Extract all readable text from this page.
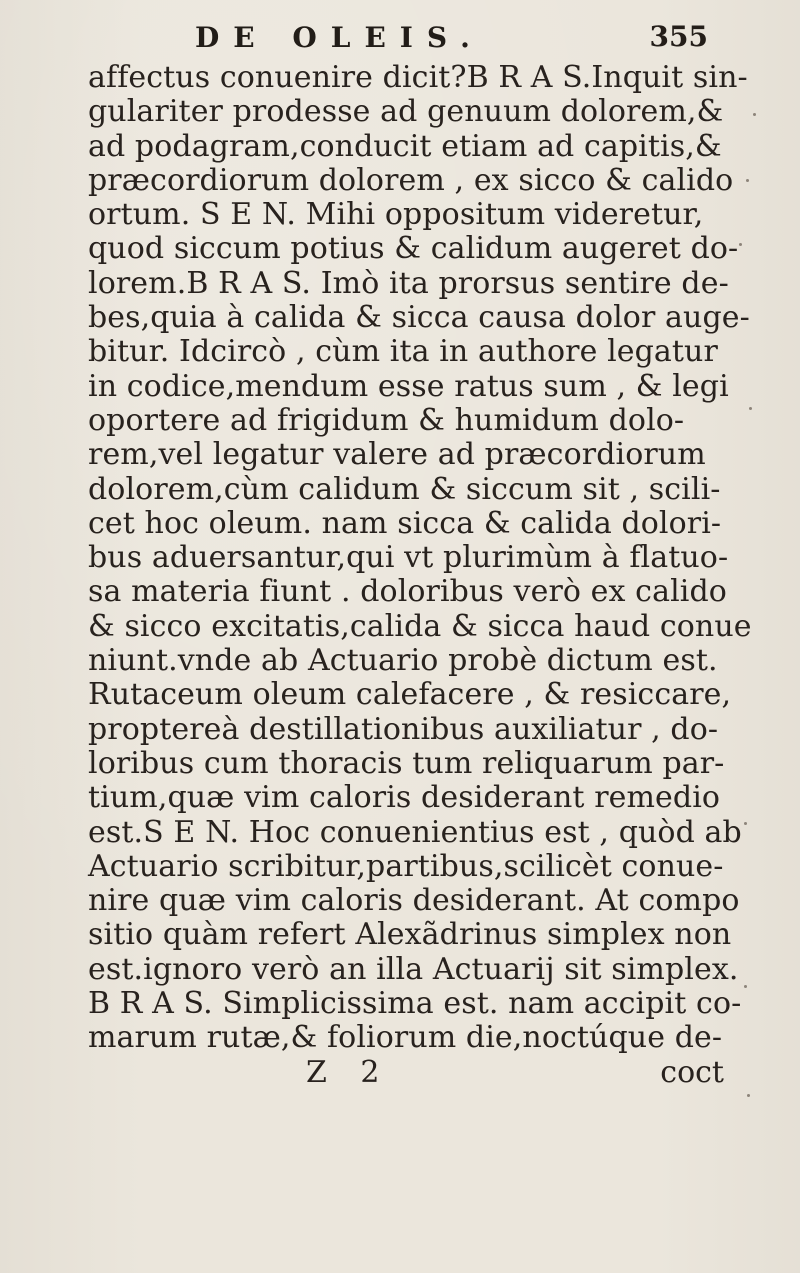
DE OLEIS.	355
affectus conuenire dicit?B R A S.Inquit sin-
gulariter prodesse ad genuum dolorem,&
ad podagram,conducit etiam ad capitis,&
præcordiorum dolorem , ex sicco & calido
ortum. S E N. Mihi oppositum videretur,
quod siccum potius & calidum augeret do-
lorem.B R A S. Imò ita prorsus sentire de-
bes,quia à calida & sicca causa dolor auge-
bitur. Idcircò , cùm ita in authore legatur
in codice,mendum esse ratus sum , & legi
oportere ad frigidum & humidum dolo-
rem,vel legatur valere ad præcordiorum
dolorem,cùm calidum & siccum sit , scili-
cet hoc oleum. nam sicca & calida dolori-
bus aduersantur,qui vt plurimùm à flatuo-
sa materia fiunt . doloribus verò ex calido
& sicco excitatis,calida & sicca haud conue
niunt.vnde ab Actuario probè dictum est.
Rutaceum oleum calefacere , & resiccare,
proptereà destillationibus auxiliatur , do-
loribus cum thoracis tum reliquarum par-
tium,quæ vim caloris desiderant remedio
est.S E N. Hoc conuenientius est , quòd ab
Actuario scribitur,partibus,scilicèt conue-
nire quæ vim caloris desiderant. At compo
sitio quàm refert Alexãdrinus simplex non
est.ignoro verò an illa Actuarij sit simplex.
B R A S. Simplicissima est. nam accipit co-
marum rutæ,& foliorum die,noctúque de-
Z 2	coct
